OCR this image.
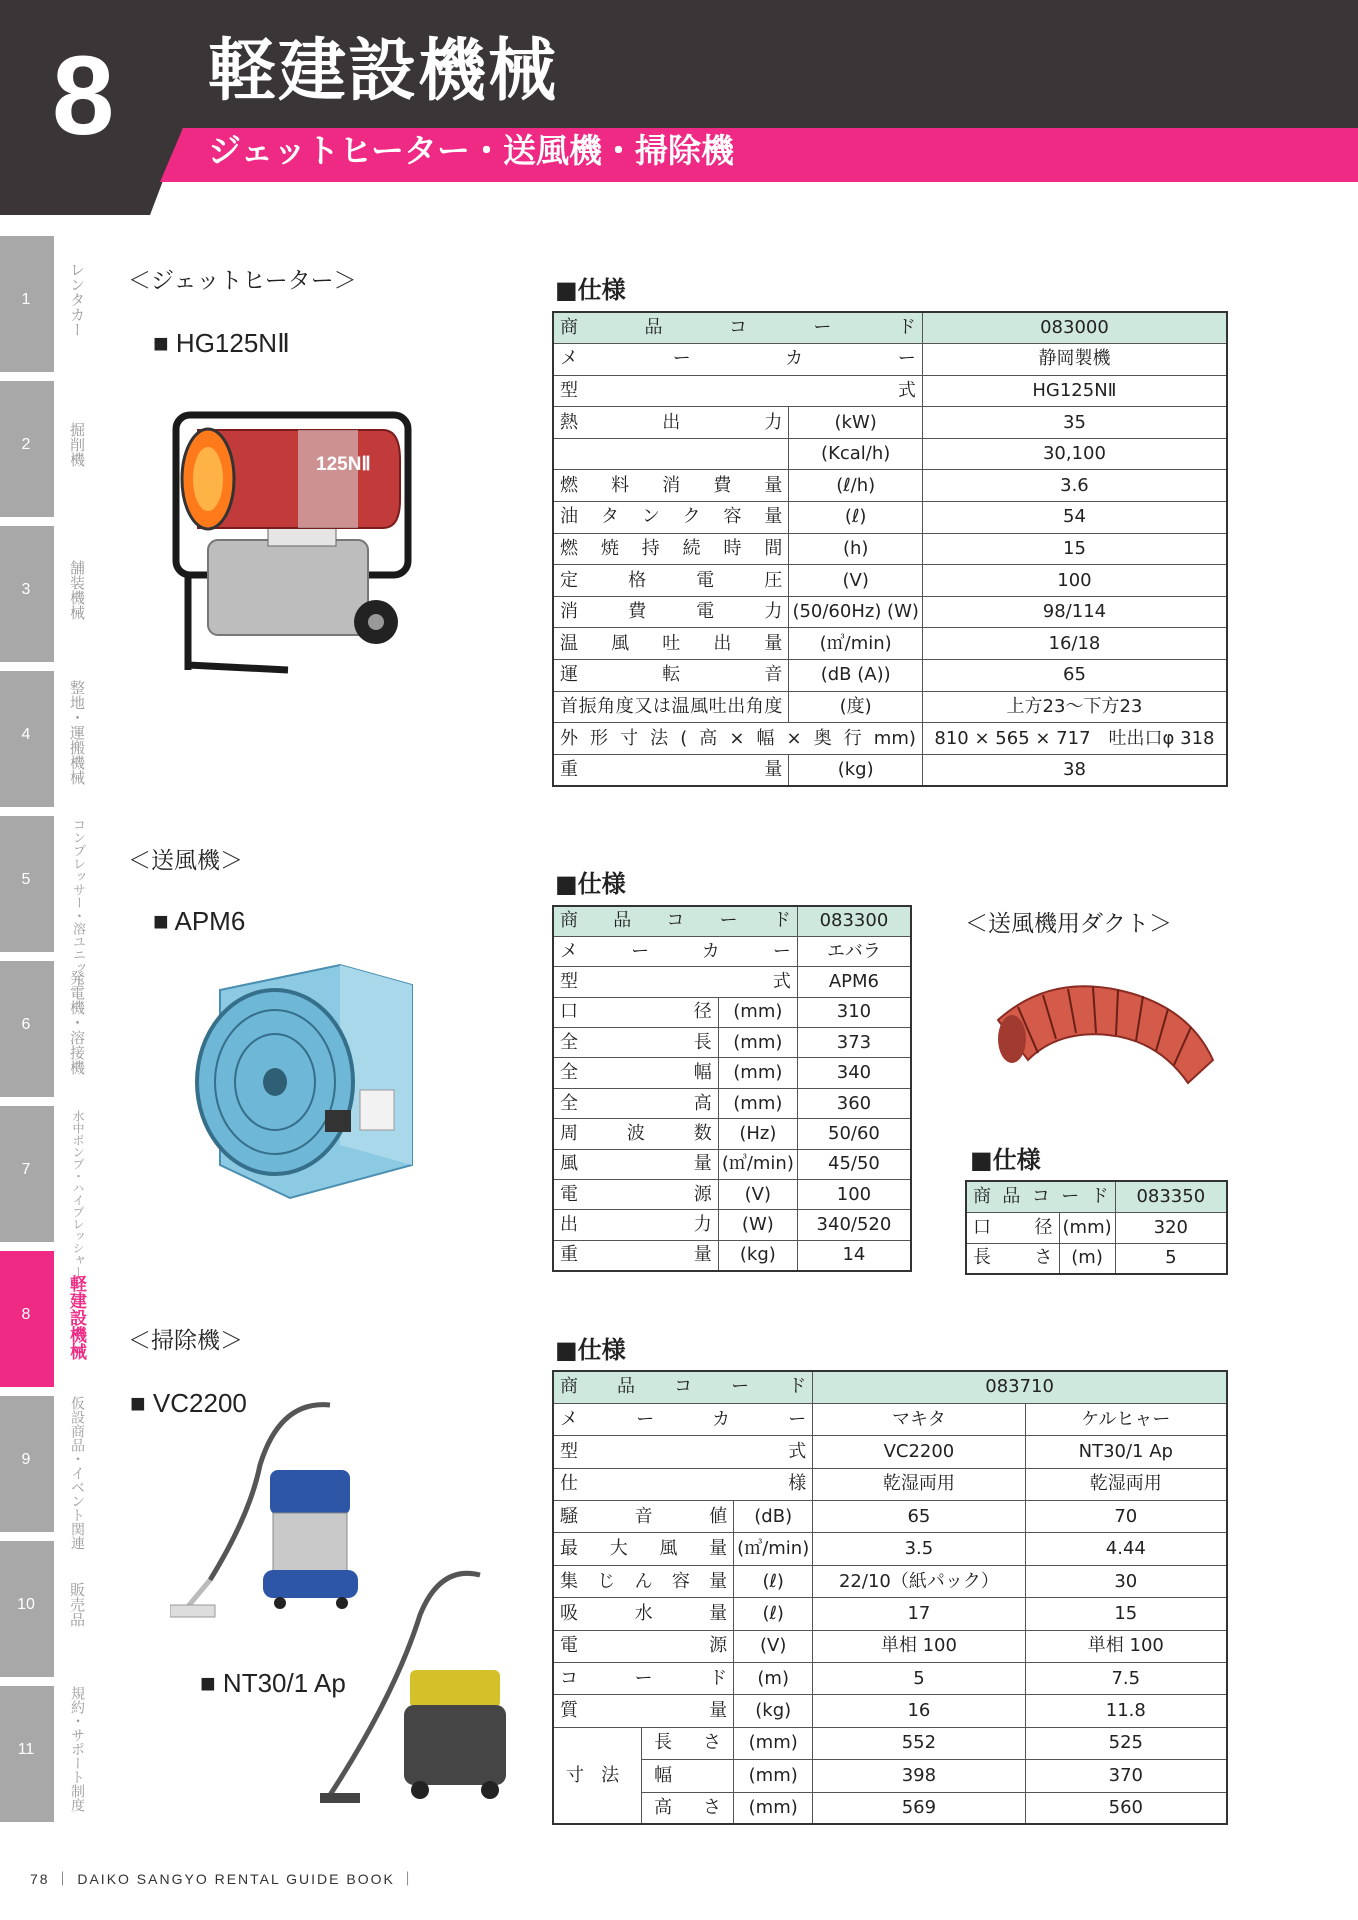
8	軽建設機械
ジェットヒーター・送風機・掃除機
1	レンタカー
2	掘削機
3	舗装機械
4	整地・運搬機械
5	コンプレッサー・溶ユニット
6	発電機・溶接機
7	水中ポンプ・ハイプレッシャー
8	軽建設機械
9	仮設商品・イベント関連
10	販売品
11	規約・サポート制度
＜ジェットヒーター＞
■ HG125NⅡ
125NⅡ
■仕様
商品コード		083000
メーカー		静岡製機
型式		HG125NⅡ
熱出力	(kW)	35
	(Kcal/h)	30,100
燃料消費量	(ℓ/h)	3.6
油タンク容量	(ℓ)	54
燃焼持続時間	(h)	15
定格電圧	(V)	100
消費電力	(50/60Hz) (W)	98/114
温風吐出量	(㎥/min)	16/18
運転音	(dB (A))	65
首振角度又は温風吐出角度	(度)	上方23～下方23
外形寸法(高×幅×奥行mm)		810 × 565 × 717　吐出口φ 318
重量	(kg)	38
＜送風機＞
■ APM6
■仕様
商品コード		083300
メーカー		エバラ
型式		APM6
口径	(mm)	310
全長	(mm)	373
全幅	(mm)	340
全高	(mm)	360
周波数	(Hz)	50/60
風量	(㎥/min)	45/50
電源	(V)	100
出力	(W)	340/520
重量	(kg)	14
＜送風機用ダクト＞
■仕様
商品コード		083350
口径	(mm)	320
長さ	(m)	5
＜掃除機＞
■ VC2200
■ NT30/1 Ap
■仕様
商品コード			083710	
メーカー			マキタ	ケルヒャー
型式			VC2200	NT30/1 Ap
仕様			乾湿両用	乾湿両用
騒音値		(dB)	65	70
最大風量		(㎥/min)	3.5	4.44
集じん容量		(ℓ)	22/10（紙パック）	30
吸水量		(ℓ)	17	15
電源		(V)	単相 100	単相 100
コード		(m)	5	7.5
質量		(kg)	16	11.8
寸法	長さ	(mm)	552	525
	幅	(mm)	398	370
	高さ	(mm)	569	560
78 ｜ DAIKO SANGYO RENTAL GUIDE BOOK ｜
